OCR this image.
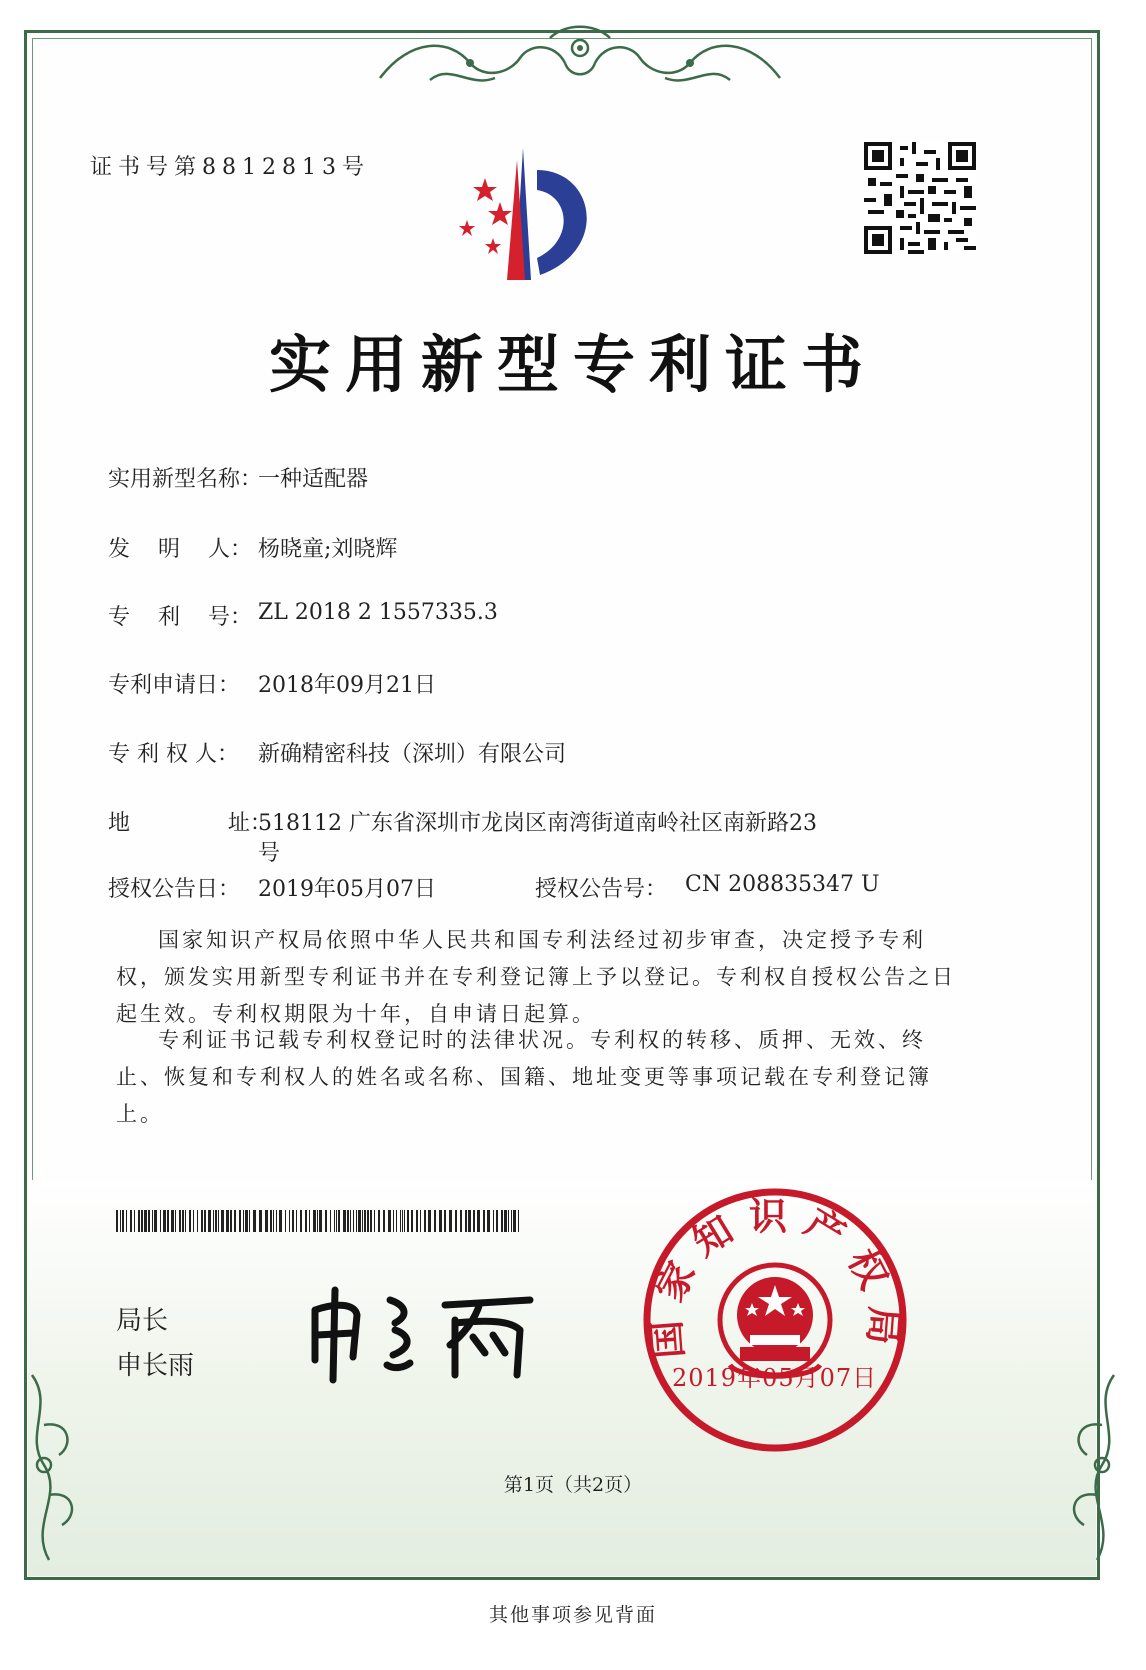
证书号第8812813号
实用新型专利证书
实用新型名称：
一种适配器
发    明    人： 杨晓童;刘晓辉
专    利    号： ZL 2018 2 1557335.3
专利申请日： 2018年09月21日
专 利 权 人： 新确精密科技（深圳）有限公司
地              址：
518112 广东省深圳市龙岗区南湾街道南岭社区南新路23
号
授权公告日： 2019年05月07日	授权公告号： CN 208835347 U
国家知识产权局依照中华人民共和国专利法经过初步审查，决定授予专利权，颁发实用新型专利证书并在专利登记簿上予以登记。专利权自授权公告之日起生效。专利权期限为十年，自申请日起算。
专利证书记载专利权登记时的法律状况。专利权的转移、质押、无效、终止、恢复和专利权人的姓名或名称、国籍、地址变更等事项记载在专利登记簿上。
局长
申长雨
国家知识产权局
2019年05月07日
第1页（共2页）
其他事项参见背面
